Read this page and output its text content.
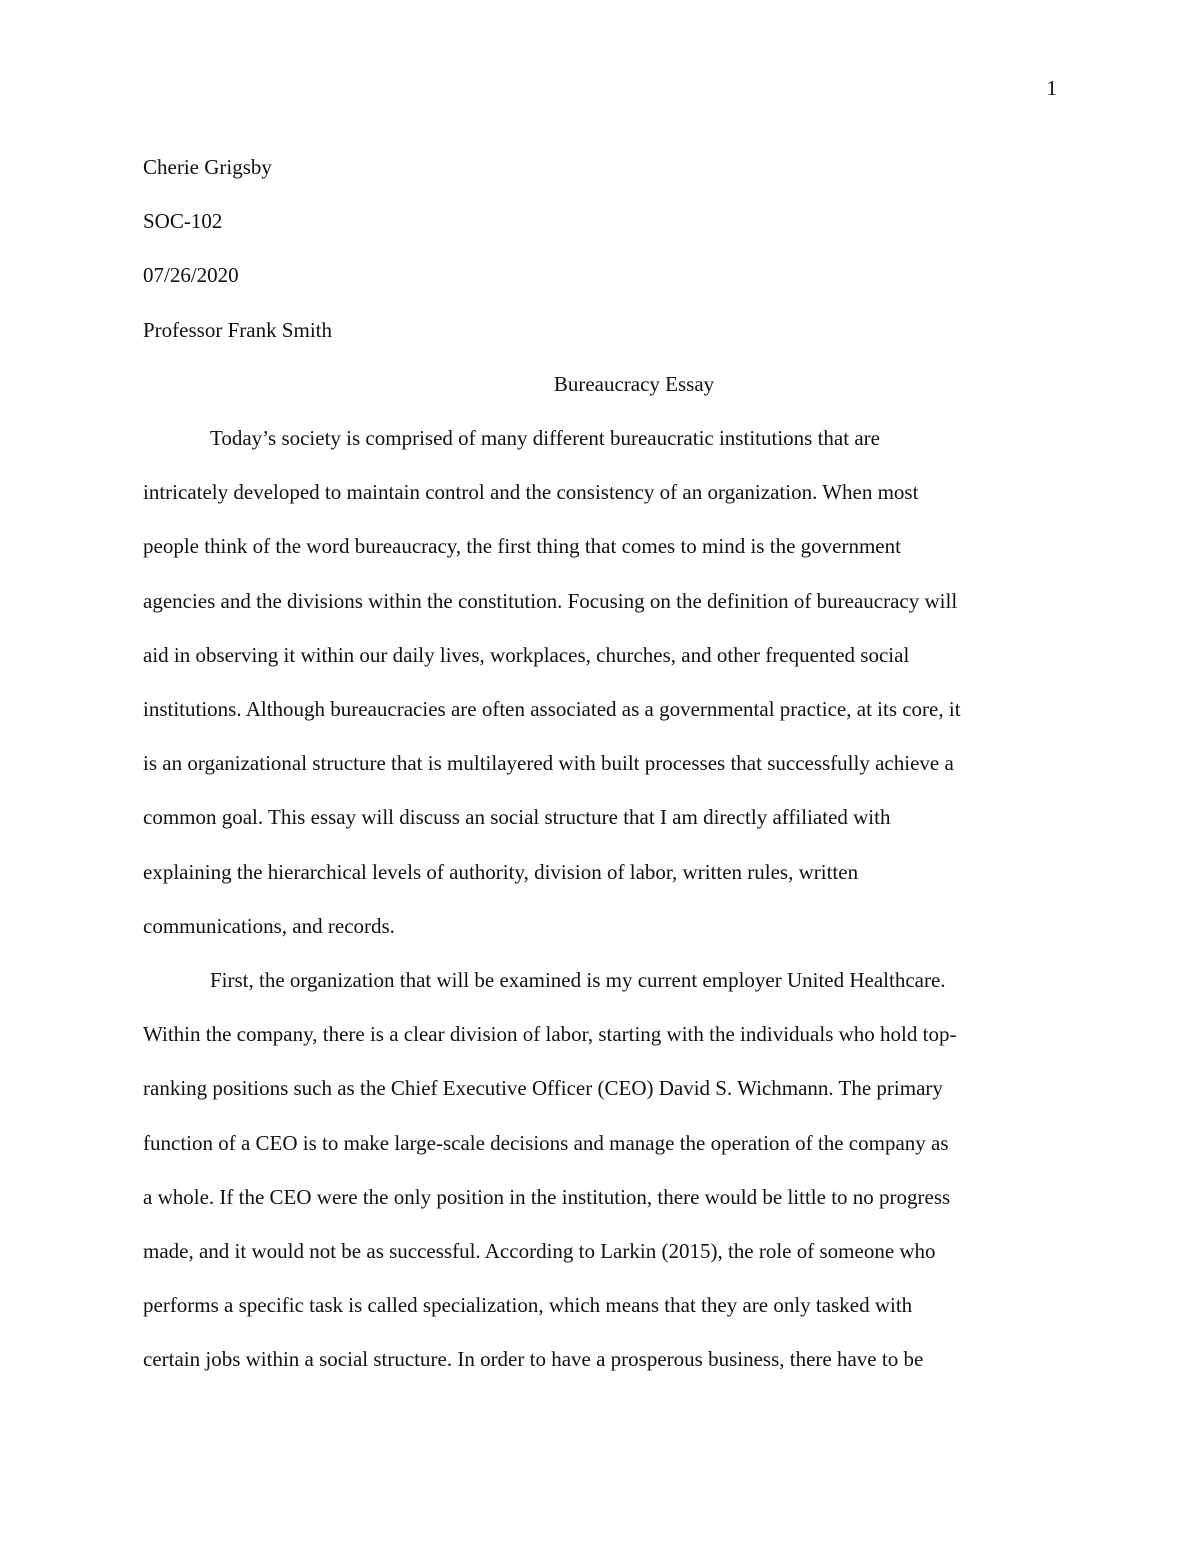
1

Cherie Grigsby

SOC-102

07/26/2020

Professor Frank Smith

Bureaucracy Essay

Today’s society is comprised of many different bureaucratic institutions that are
intricately developed to maintain control and the consistency of an organization. When most
people think of the word bureaucracy, the first thing that comes to mind is the government
agencies and the divisions within the constitution. Focusing on the definition of bureaucracy will
aid in observing it within our daily lives, workplaces, churches, and other frequented social
institutions. Although bureaucracies are often associated as a governmental practice, at its core, it
is an organizational structure that is multilayered with built processes that successfully achieve a
common goal. This essay will discuss an social structure that I am directly affiliated with
explaining the hierarchical levels of authority, division of labor, written rules, written
communications, and records.

First, the organization that will be examined is my current employer United Healthcare.
Within the company, there is a clear division of labor, starting with the individuals who hold top-
ranking positions such as the Chief Executive Officer (CEO) David S. Wichmann. The primary
function of a CEO is to make large-scale decisions and manage the operation of the company as
a whole. If the CEO were the only position in the institution, there would be little to no progress
made, and it would not be as successful. According to Larkin (2015), the role of someone who
performs a specific task is called specialization, which means that they are only tasked with
certain jobs within a social structure. In order to have a prosperous business, there have to be
